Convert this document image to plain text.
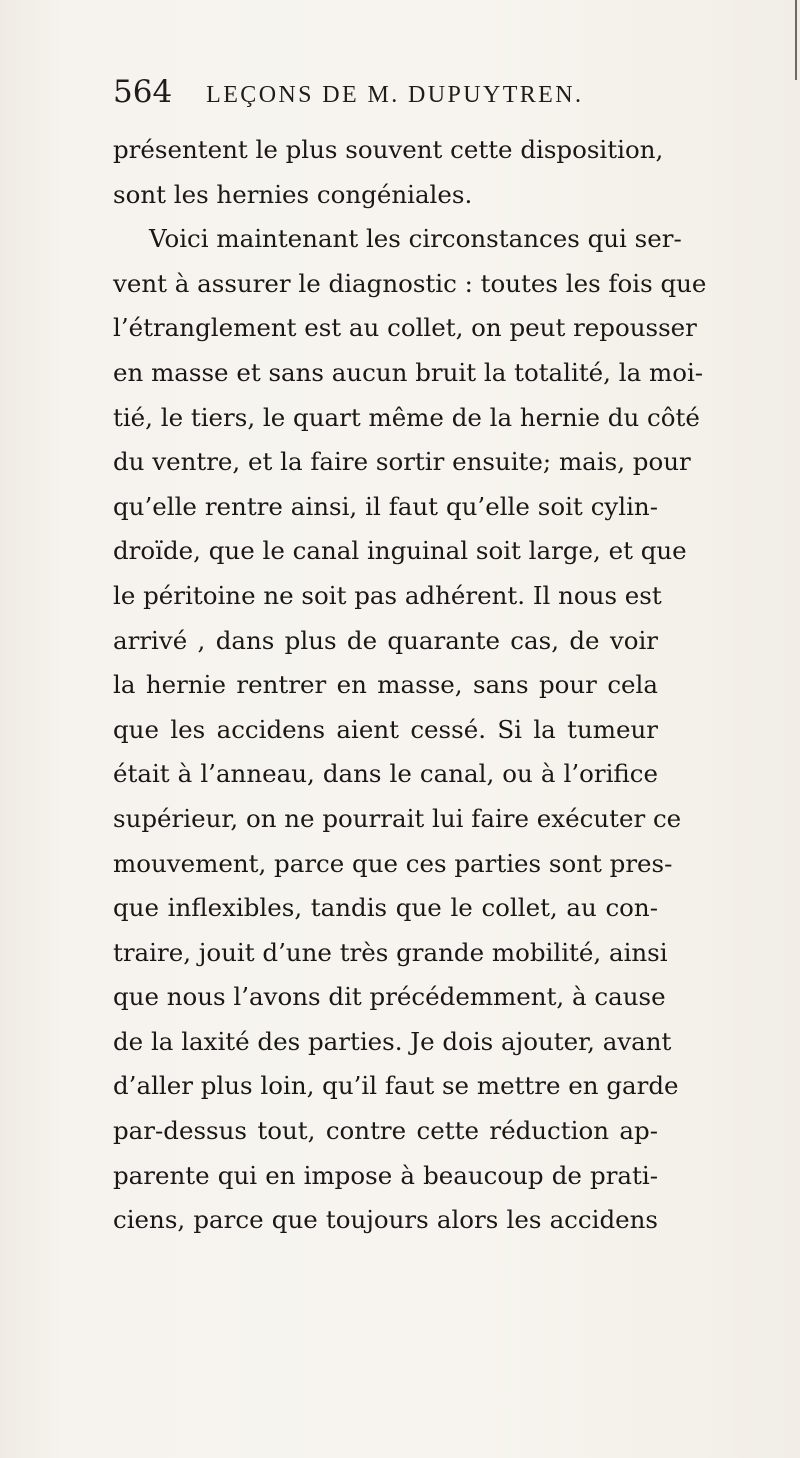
564 LEÇONS DE M. DUPUYTREN.
présentent le plus souvent cette disposition,
sont les hernies congéniales.
Voici maintenant les circonstances qui ser-
vent à assurer le diagnostic : toutes les fois que
l’étranglement est au collet, on peut repousser
en masse et sans aucun bruit la totalité, la moi-
tié, le tiers, le quart même de la hernie du côté
du ventre, et la faire sortir ensuite; mais, pour
qu’elle rentre ainsi, il faut qu’elle soit cylin-
droïde, que le canal inguinal soit large, et que
le péritoine ne soit pas adhérent. Il nous est
arrivé , dans plus de quarante cas, de voir
la hernie rentrer en masse, sans pour cela
que les accidens aient cessé. Si la tumeur
était à l’anneau, dans le canal, ou à l’orifice
supérieur, on ne pourrait lui faire exécuter ce
mouvement, parce que ces parties sont pres-
que inflexibles, tandis que le collet, au con-
traire, jouit d’une très grande mobilité, ainsi
que nous l’avons dit précédemment, à cause
de la laxité des parties. Je dois ajouter, avant
d’aller plus loin, qu’il faut se mettre en garde
par-dessus tout, contre cette réduction ap-
parente qui en impose à beaucoup de prati-
ciens, parce que toujours alors les accidens
